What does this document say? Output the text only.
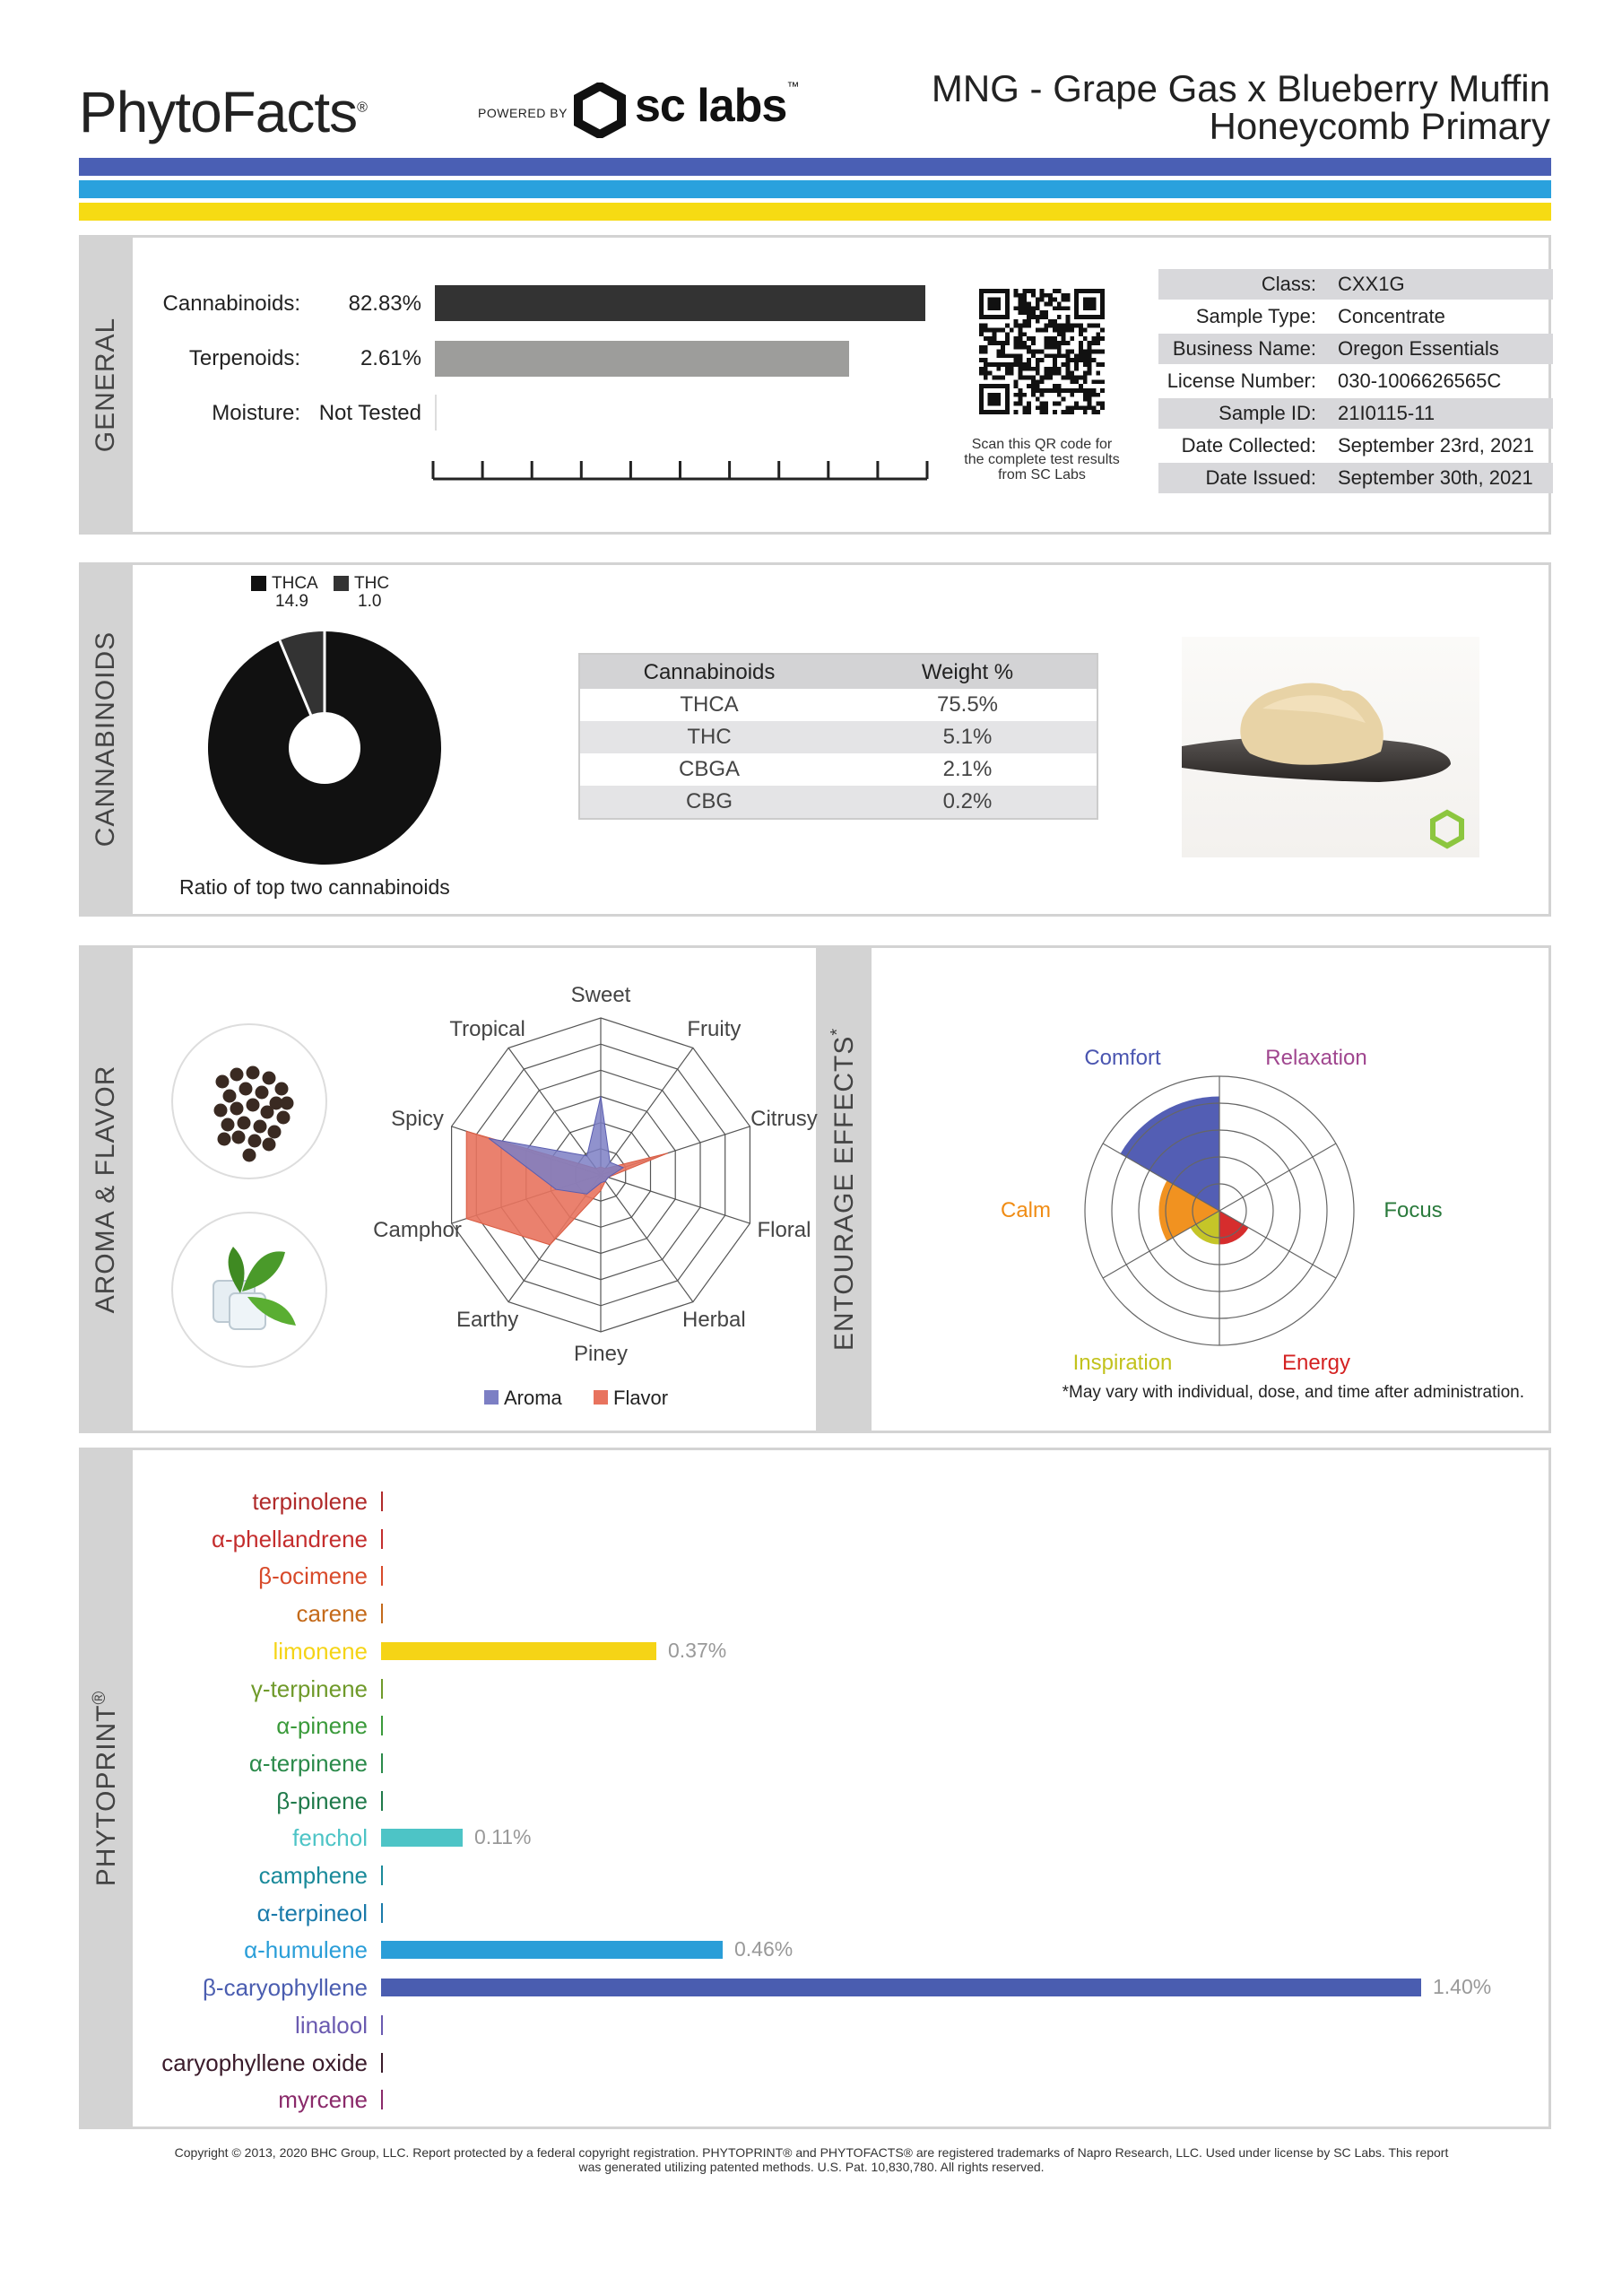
PhytoFacts®	POWERED BY sc labs™	MNG - Grape Gas x Blueberry Muffin
Honeycomb Primary
GENERAL
Cannabinoids:	82.83%
Terpenoids:	2.61%
Moisture: Not Tested
Scan this QR code for the complete test results from SC Labs
Class: CXX1G
Sample Type: Concentrate
Business Name: Oregon Essentials
License Number: 030-1006626565C
Sample ID: 21I0115-11
Date Collected: September 23rd, 2021
Date Issued: September 30th, 2021
CANNABINOIDS
THCA
14.9
THC
1.0
Ratio of top two cannabinoids
Cannabinoids	Weight %
THCA	75.5%
THC	5.1%
CBGA	2.1%
CBG	0.2%
AROMA & FLAVOR	ENTOURAGE EFFECTS*
Sweet
Fruity
Citrusy
Floral
Herbal
Piney
Earthy
Camphor
Spicy
Tropical
Aroma	Flavor
Relaxation
Focus
Energy
Inspiration
Calm
Comfort
*May vary with individual, dose, and time after administration.
PHYTOPRINT®
terpinolene
α-phellandrene
β-ocimene
carene
limonene	0.37%
γ-terpinene
α-pinene
α-terpinene
β-pinene
fenchol	0.11%
camphene
α-terpineol
α-humulene	0.46%
β-caryophyllene	1.40%
linalool
caryophyllene oxide
myrcene
Copyright © 2013, 2020 BHC Group, LLC. Report protected by a federal copyright registration. PHYTOPRINT® and PHYTOFACTS® are registered trademarks of Napro Research, LLC. Used under license by SC Labs. This report
was generated utilizing patented methods. U.S. Pat. 10,830,780. All rights reserved.
